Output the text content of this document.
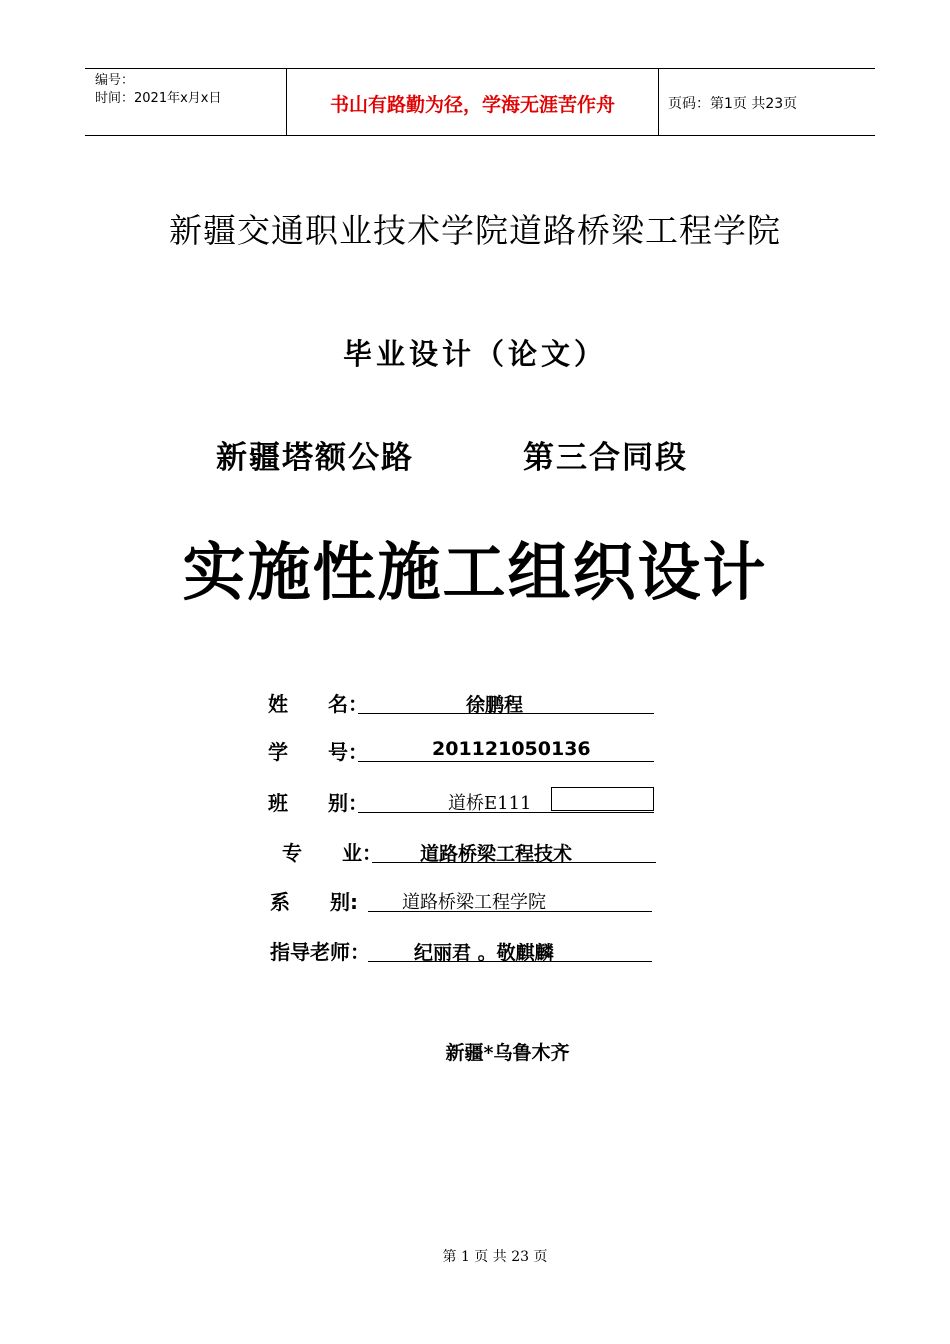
编号：
时间：2021年x月x日	书山有路勤为径，学海无涯苦作舟	页码：第1页 共23页
新疆交通职业技术学院道路桥梁工程学院
毕业设计（论文）
新疆塔额公路	第三合同段
实施性施工组织设计
姓　　名：	徐鹏程
学　　号：	201121050136
班　　别：	道桥E111
专　　业： 道路桥梁工程技术
系　　别: 道路桥梁工程学院
指导老师： 纪丽君 。敬麒麟
新疆*乌鲁木齐
第 1 页 共 23 页
